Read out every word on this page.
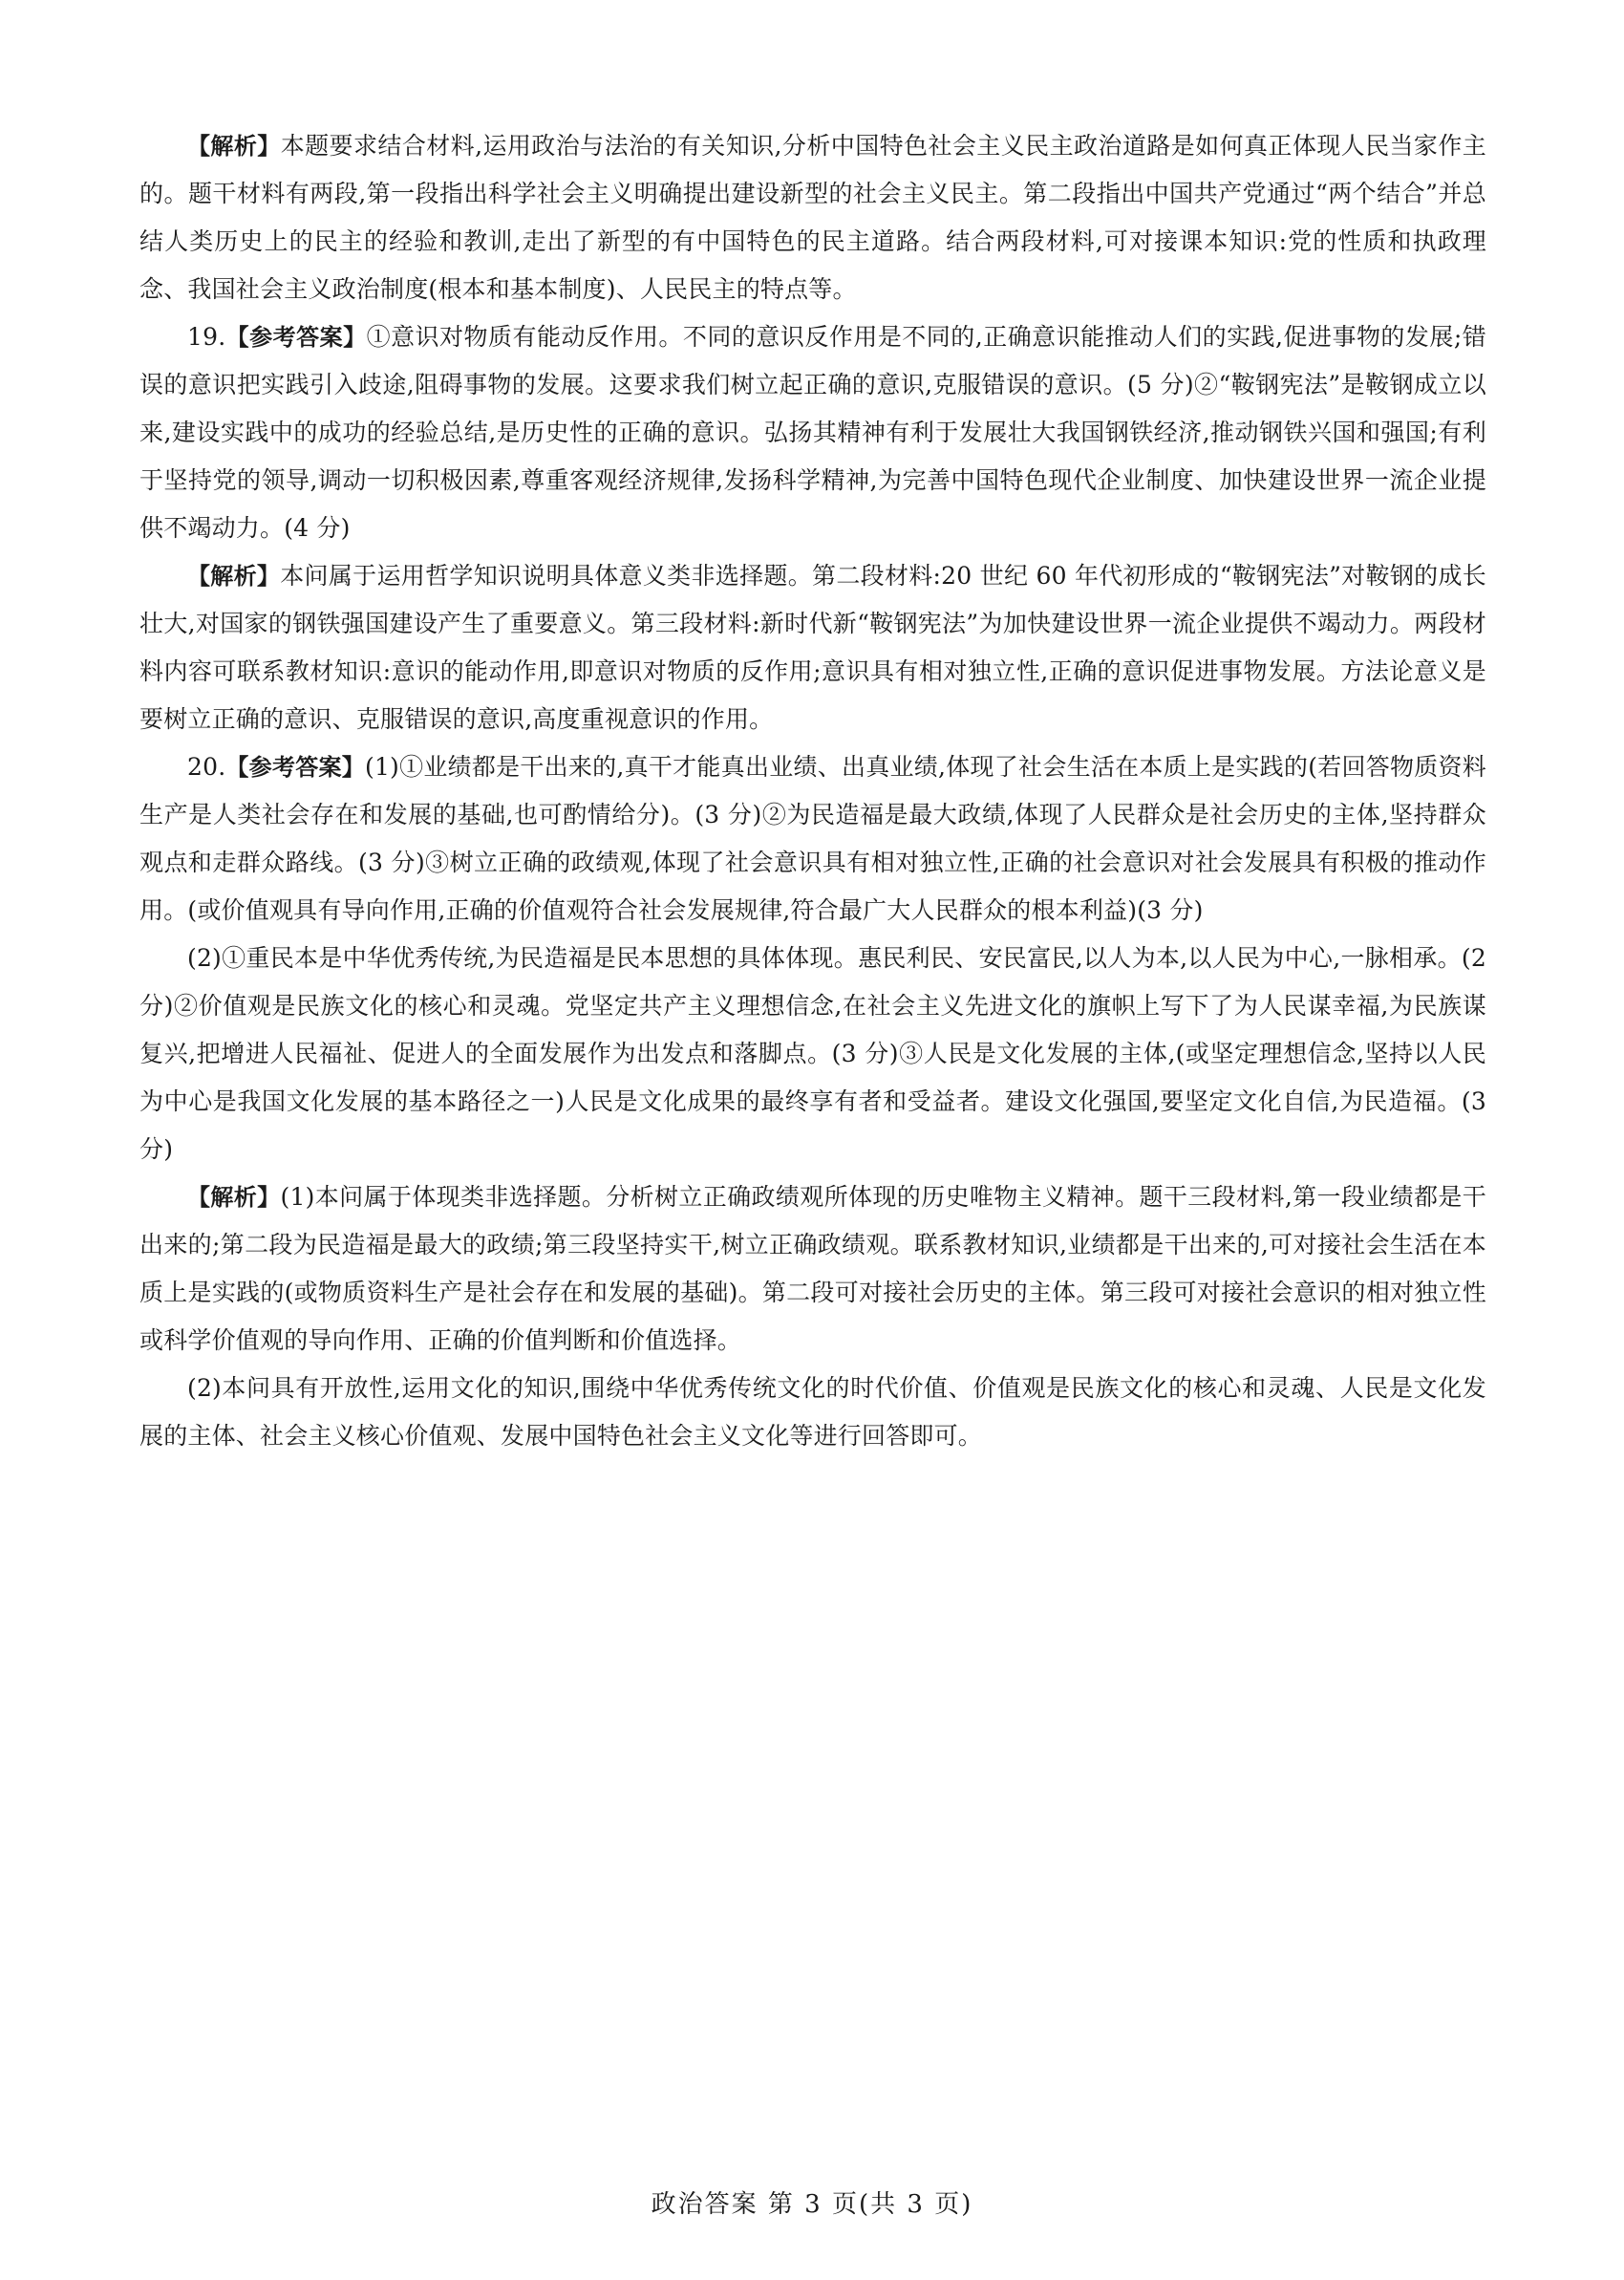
【解析】本题要求结合材料,运用政治与法治的有关知识,分析中国特色社会主义民主政治道路是如何真正体现人民当家作主的。题干材料有两段,第一段指出科学社会主义明确提出建设新型的社会主义民主。第二段指出中国共产党通过“两个结合”并总结人类历史上的民主的经验和教训,走出了新型的有中国特色的民主道路。结合两段材料,可对接课本知识:党的性质和执政理念、我国社会主义政治制度(根本和基本制度)、人民民主的特点等。

19.【参考答案】①意识对物质有能动反作用。不同的意识反作用是不同的,正确意识能推动人们的实践,促进事物的发展;错误的意识把实践引入歧途,阻碍事物的发展。这要求我们树立起正确的意识,克服错误的意识。(5 分)②“鞍钢宪法”是鞍钢成立以来,建设实践中的成功的经验总结,是历史性的正确的意识。弘扬其精神有利于发展壮大我国钢铁经济,推动钢铁兴国和强国;有利于坚持党的领导,调动一切积极因素,尊重客观经济规律,发扬科学精神,为完善中国特色现代企业制度、加快建设世界一流企业提供不竭动力。(4 分)

【解析】本问属于运用哲学知识说明具体意义类非选择题。第二段材料:20 世纪 60 年代初形成的“鞍钢宪法”对鞍钢的成长壮大,对国家的钢铁强国建设产生了重要意义。第三段材料:新时代新“鞍钢宪法”为加快建设世界一流企业提供不竭动力。两段材料内容可联系教材知识:意识的能动作用,即意识对物质的反作用;意识具有相对独立性,正确的意识促进事物发展。方法论意义是要树立正确的意识、克服错误的意识,高度重视意识的作用。

20.【参考答案】(1)①业绩都是干出来的,真干才能真出业绩、出真业绩,体现了社会生活在本质上是实践的(若回答物质资料生产是人类社会存在和发展的基础,也可酌情给分)。(3 分)②为民造福是最大政绩,体现了人民群众是社会历史的主体,坚持群众观点和走群众路线。(3 分)③树立正确的政绩观,体现了社会意识具有相对独立性,正确的社会意识对社会发展具有积极的推动作用。(或价值观具有导向作用,正确的价值观符合社会发展规律,符合最广大人民群众的根本利益)(3 分)

(2)①重民本是中华优秀传统,为民造福是民本思想的具体体现。惠民利民、安民富民,以人为本,以人民为中心,一脉相承。(2 分)②价值观是民族文化的核心和灵魂。党坚定共产主义理想信念,在社会主义先进文化的旗帜上写下了为人民谋幸福,为民族谋复兴,把增进人民福祉、促进人的全面发展作为出发点和落脚点。(3 分)③人民是文化发展的主体,(或坚定理想信念,坚持以人民为中心是我国文化发展的基本路径之一)人民是文化成果的最终享有者和受益者。建设文化强国,要坚定文化自信,为民造福。(3 分)

【解析】(1)本问属于体现类非选择题。分析树立正确政绩观所体现的历史唯物主义精神。题干三段材料,第一段业绩都是干出来的;第二段为民造福是最大的政绩;第三段坚持实干,树立正确政绩观。联系教材知识,业绩都是干出来的,可对接社会生活在本质上是实践的(或物质资料生产是社会存在和发展的基础)。第二段可对接社会历史的主体。第三段可对接社会意识的相对独立性或科学价值观的导向作用、正确的价值判断和价值选择。

(2)本问具有开放性,运用文化的知识,围绕中华优秀传统文化的时代价值、价值观是民族文化的核心和灵魂、人民是文化发展的主体、社会主义核心价值观、发展中国特色社会主义文化等进行回答即可。

政治答案 第 3 页(共 3 页)
